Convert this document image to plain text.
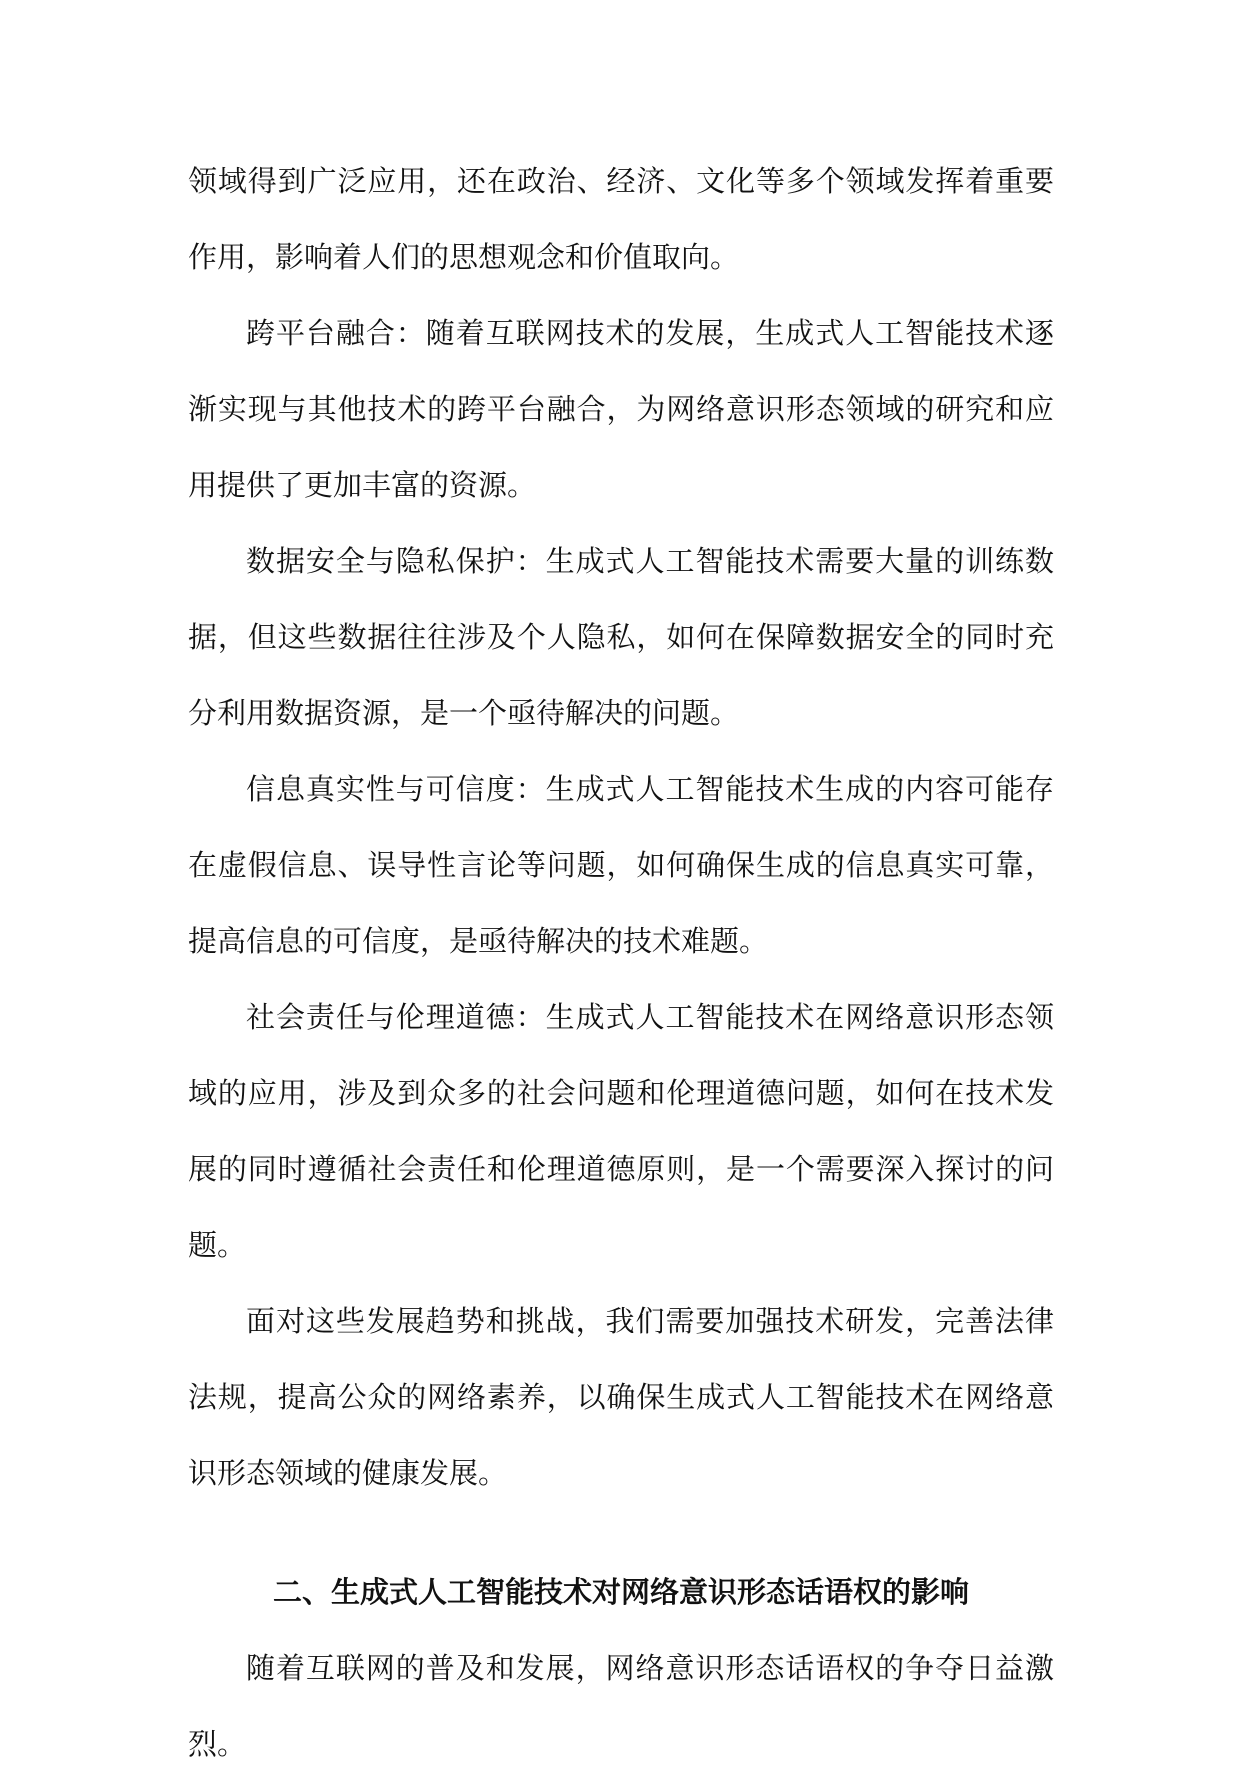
领域得到广泛应用，还在政治、经济、文化等多个领域发挥着重要作用，影响着人们的思想观念和价值取向。

跨平台融合：随着互联网技术的发展，生成式人工智能技术逐渐实现与其他技术的跨平台融合，为网络意识形态领域的研究和应用提供了更加丰富的资源。

数据安全与隐私保护：生成式人工智能技术需要大量的训练数据，但这些数据往往涉及个人隐私，如何在保障数据安全的同时充分利用数据资源，是一个亟待解决的问题。

信息真实性与可信度：生成式人工智能技术生成的内容可能存在虚假信息、误导性言论等问题，如何确保生成的信息真实可靠，提高信息的可信度，是亟待解决的技术难题。

社会责任与伦理道德：生成式人工智能技术在网络意识形态领域的应用，涉及到众多的社会问题和伦理道德问题，如何在技术发展的同时遵循社会责任和伦理道德原则，是一个需要深入探讨的问题。

面对这些发展趋势和挑战，我们需要加强技术研发，完善法律法规，提高公众的网络素养，以确保生成式人工智能技术在网络意识形态领域的健康发展。

二、生成式人工智能技术对网络意识形态话语权的影响

随着互联网的普及和发展，网络意识形态话语权的争夺日益激烈。
